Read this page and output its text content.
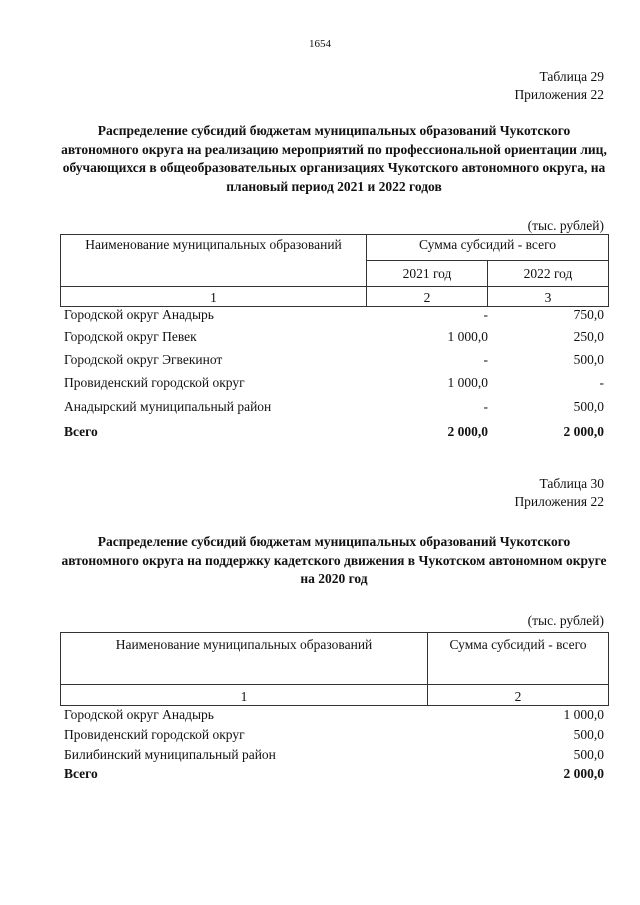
1654
Таблица 29
Приложения 22
Распределение субсидий бюджетам муниципальных образований Чукотского автономного округа на реализацию мероприятий по профессиональной ориентации лиц, обучающихся в общеобразовательных организациях Чукотского автономного округа, на плановый период 2021 и 2022 годов
(тыс. рублей)
Наименование муниципальных образований	Сумма субсидий - всего	
	2021 год	2022 год
1	2	3
Городской округ Анадырь	-	750,0
Городской округ Певек	1 000,0	250,0
Городской округ Эгвекинот	-	500,0
Провиденский городской округ	1 000,0	-
Анадырский муниципальный район	-	500,0
Всего	2 000,0	2 000,0
Таблица 30
Приложения 22
Распределение субсидий бюджетам муниципальных образований Чукотского автономного округа на поддержку кадетского движения в Чукотском автономном округе на 2020 год
(тыс. рублей)
Наименование муниципальных образований	Сумма субсидий - всего
1	2
Городской округ Анадырь	1 000,0
Провиденский городской округ	500,0
Билибинский муниципальный район	500,0
Всего	2 000,0
